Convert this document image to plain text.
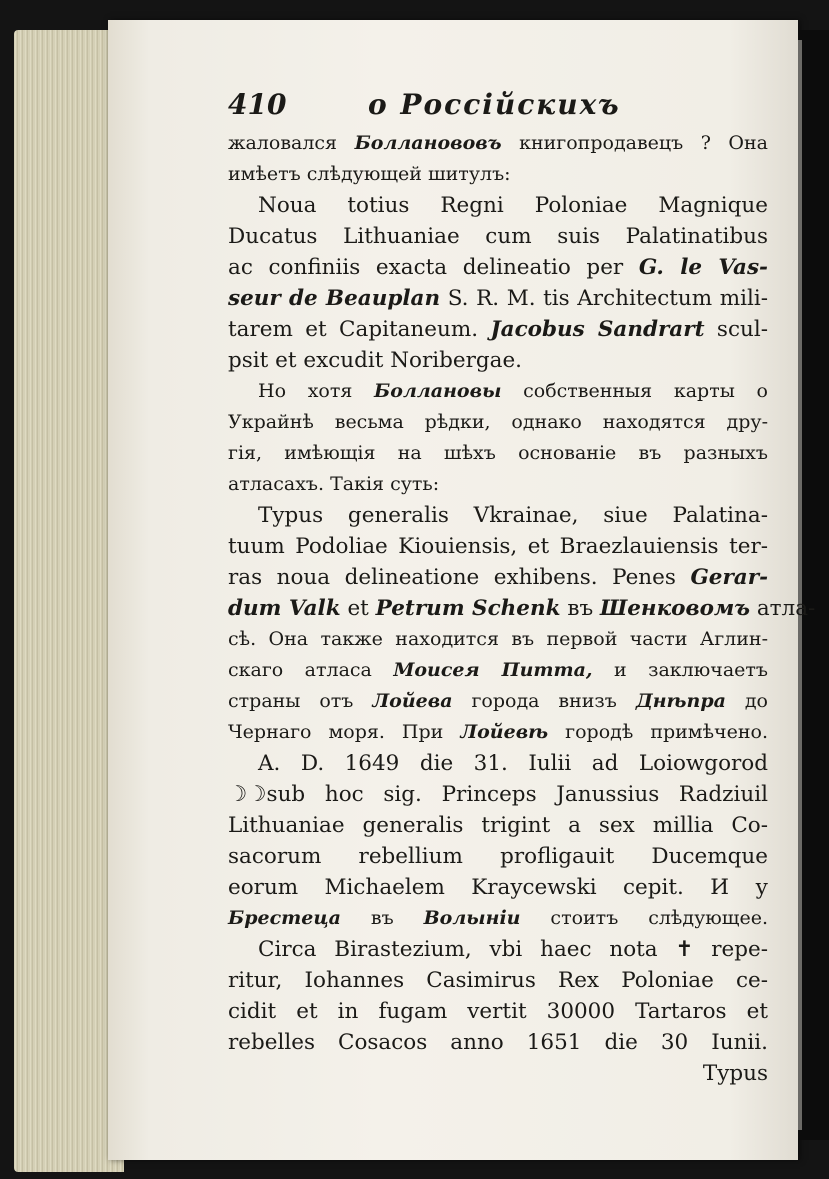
410	о Россійскихъ
жаловался Болланововъ книгопродавецъ ? Она
имѣетъ слѣдующей шитулъ:
Noua totius Regni Poloniae Magnique
Ducatus Lithuaniae cum suis Palatinatibus
ac confiniis exacta delineatio per G. le Vas-
seur de Beauplan S. R. M. tis Architectum mili-
tarem et Capitaneum. Jacobus Sandrart scul-
psit et excudit Noribergae.
Но хотя Боллановы собственныя карты о
Украйнѣ весьма рѣдки, однако находятся дру-
гія, имѣющія на шѣхъ основаніе въ разныхъ
атласахъ. Такія суть:
Typus generalis Vkrainae, siue Palatina-
tuum Podoliae Kiouiensis, et Braezlauiensis ter-
ras noua delineatione exhibens. Penes Gerar-
dum Valk et Petrum Schenk въ Шенковомъ атла-
сѣ. Она также находится въ первой части Аглин-
скаго атласа Моисея Питта, и заключаетъ
страны отъ Лойева города внизъ Днѣпра до
Чернаго моря. При Лойевѣ городѣ примѣчено.
A. D. 1649 die 31. Iulii ad Loiowgorod
☽☽sub hoc sig. Princeps Janussius Radziuil
Lithuaniae generalis trigint a sex millia Co-
sacorum rebellium profligauit Ducemque
eorum Michaelem Kraycewski cepit. И у
Брестеца въ Волыніи стоитъ слѣдующее.
Circa Birastezium, vbi haec nota ✝ repe-
ritur, Iohannes Casimirus Rex Poloniae ce-
cidit et in fugam vertit 30000 Tartaros et
rebelles Cosacos anno 1651 die 30 Iunii.
Typus
